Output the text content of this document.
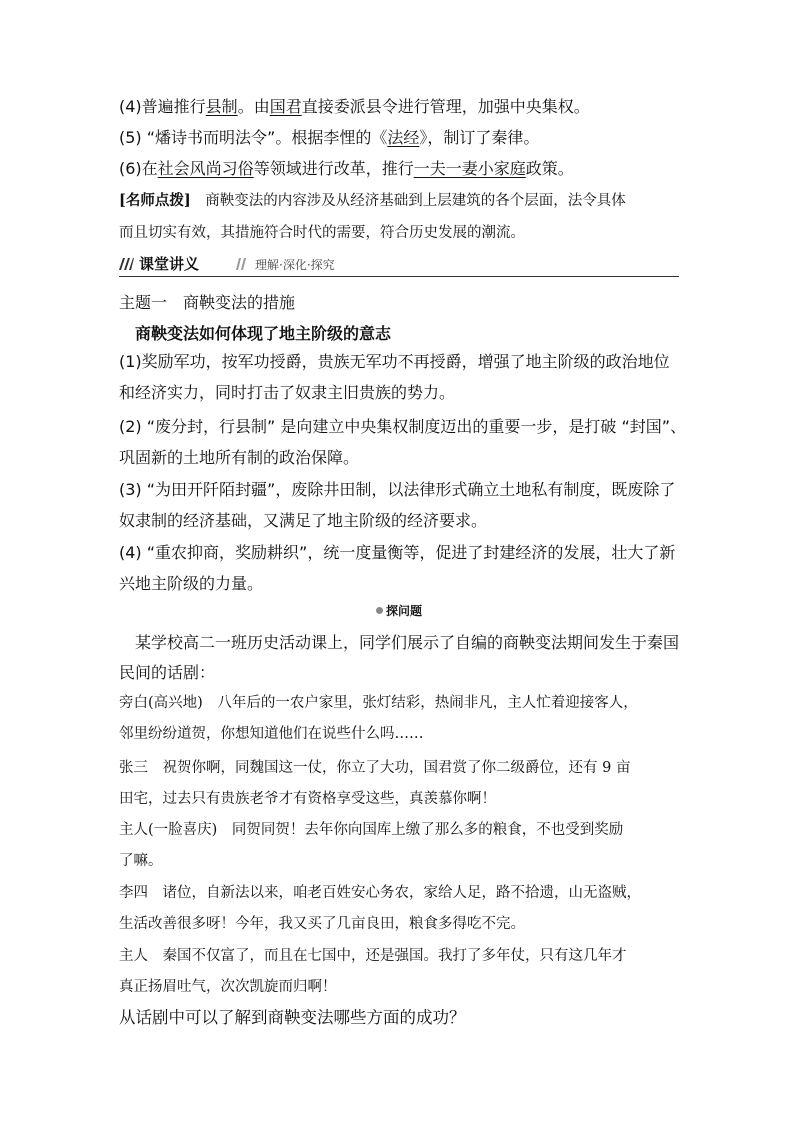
(4)普遍推行县制。由国君直接委派县令进行管理，加强中央集权。
(5) “燔诗书而明法令”。根据李悝的《法经》，制订了秦律。
(6)在社会风尚习俗等领域进行改革，推行一夫一妻小家庭政策。
[名师点拨]　 商鞅变法的内容涉及从经济基础到上层建筑的各个层面，法令具体
而且切实有效，其措施符合时代的需要，符合历史发展的潮流。
课堂讲义	理解·深化·探究
主题一　商鞅变法的措施
商鞅变法如何体现了地主阶级的意志
(1)奖励军功，按军功授爵，贵族无军功不再授爵，增强了地主阶级的政治地位
和经济实力，同时打击了奴隶主旧贵族的势力。
(2) “废分封，行县制” 是向建立中央集权制度迈出的重要一步，是打破 “封国”、
巩固新的土地所有制的政治保障。
(3) “为田开阡陌封疆”，废除井田制，以法律形式确立土地私有制度，既废除了
奴隶制的经济基础，又满足了地主阶级的经济要求。
(4) “重农抑商，奖励耕织”，统一度量衡等，促进了封建经济的发展，壮大了新
兴地主阶级的力量。
探问题
某学校高二一班历史活动课上，同学们展示了自编的商鞅变法期间发生于秦国
民间的话剧：
旁白(高兴地)　八年后的一农户家里，张灯结彩，热闹非凡，主人忙着迎接客人，
邻里纷纷道贺，你想知道他们在说些什么吗……
张三　祝贺你啊，同魏国这一仗，你立了大功，国君赏了你二级爵位，还有 9 亩
田宅，过去只有贵族老爷才有资格享受这些，真羡慕你啊！
主人(一脸喜庆)　同贺同贺！去年你向国库上缴了那么多的粮食，不也受到奖励
了嘛。
李四　诸位，自新法以来，咱老百姓安心务农，家给人足，路不拾遗，山无盗贼，
生活改善很多呀！今年，我又买了几亩良田，粮食多得吃不完。
主人　秦国不仅富了，而且在七国中，还是强国。我打了多年仗，只有这几年才
真正扬眉吐气，次次凯旋而归啊！
从话剧中可以了解到商鞅变法哪些方面的成功？
